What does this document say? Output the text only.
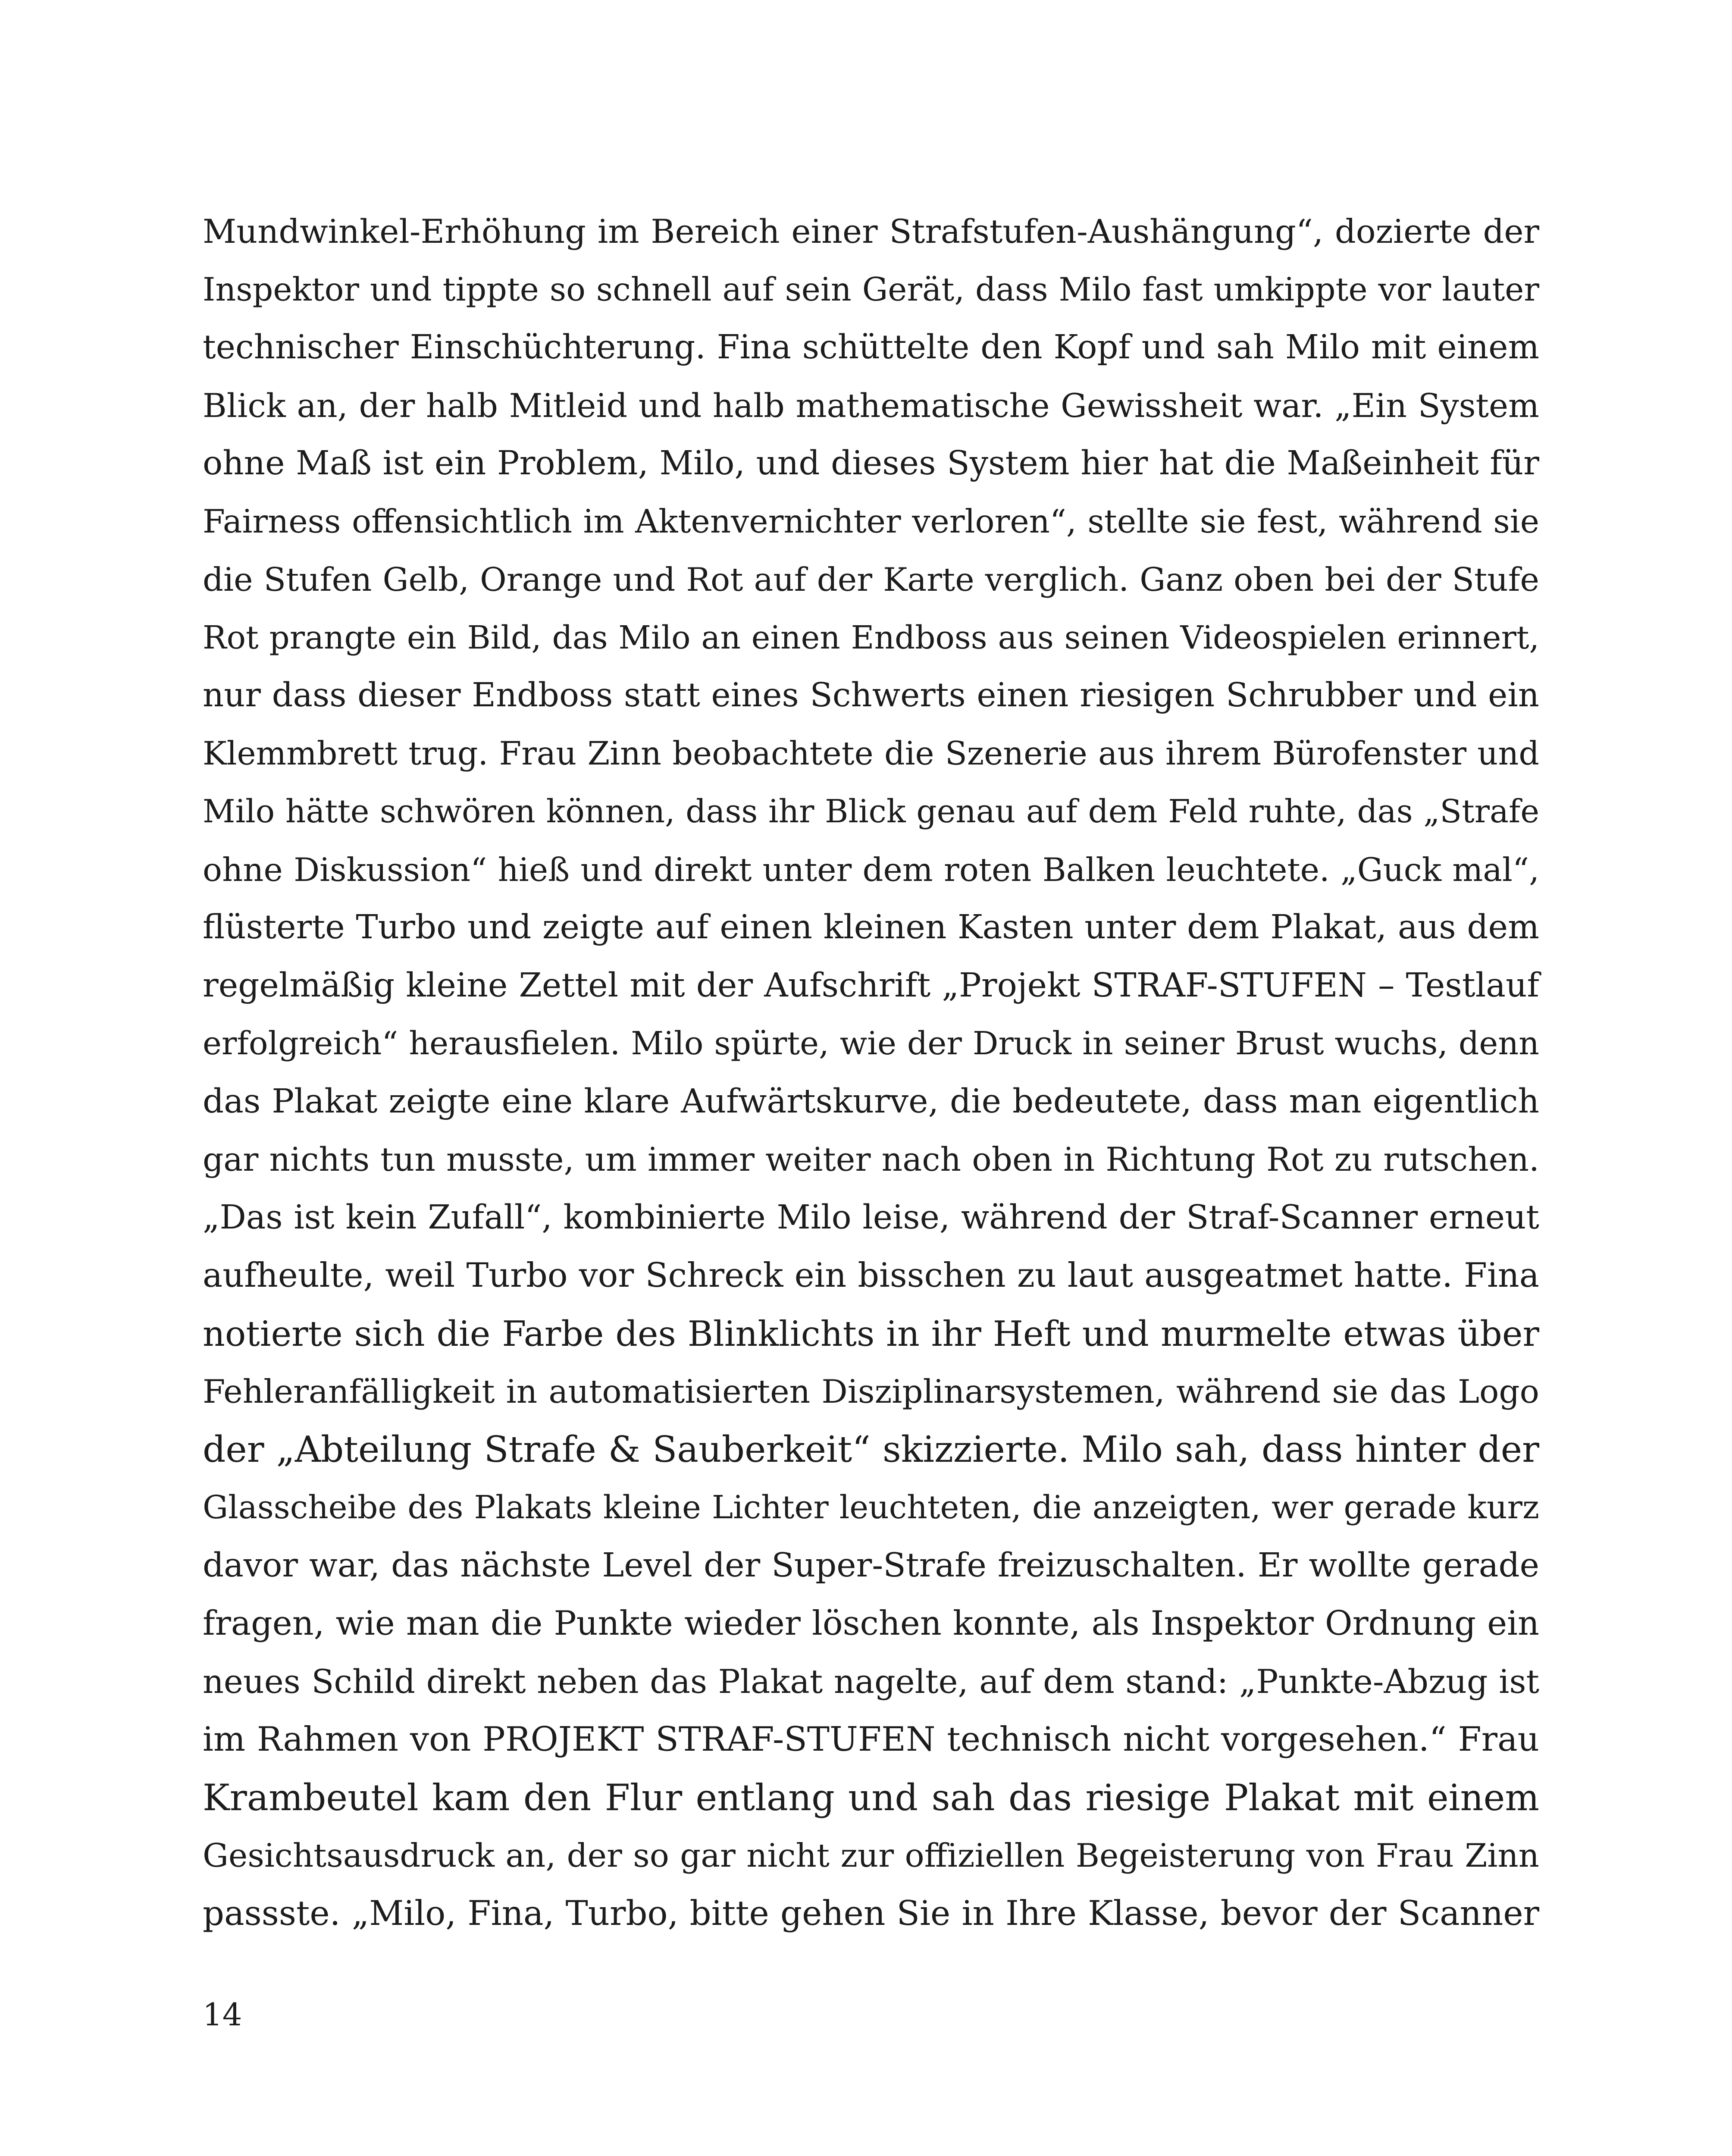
Mundwinkel-Erhöhung im Bereich einer Strafstufen-Aushängung“, dozierte der
Inspektor und tippte so schnell auf sein Gerät, dass Milo fast umkippte vor lauter
technischer Einschüchterung. Fina schüttelte den Kopf und sah Milo mit einem
Blick an, der halb Mitleid und halb mathematische Gewissheit war. „Ein System
ohne Maß ist ein Problem, Milo, und dieses System hier hat die Maßeinheit für
Fairness offensichtlich im Aktenvernichter verloren“, stellte sie fest, während sie
die Stufen Gelb, Orange und Rot auf der Karte verglich. Ganz oben bei der Stufe
Rot prangte ein Bild, das Milo an einen Endboss aus seinen Videospielen erinnert,
nur dass dieser Endboss statt eines Schwerts einen riesigen Schrubber und ein
Klemmbrett trug. Frau Zinn beobachtete die Szenerie aus ihrem Bürofenster und
Milo hätte schwören können, dass ihr Blick genau auf dem Feld ruhte, das „Strafe
ohne Diskussion“ hieß und direkt unter dem roten Balken leuchtete. „Guck mal“,
flüsterte Turbo und zeigte auf einen kleinen Kasten unter dem Plakat, aus dem
regelmäßig kleine Zettel mit der Aufschrift „Projekt STRAF-STUFEN – Testlauf
erfolgreich“ herausfielen. Milo spürte, wie der Druck in seiner Brust wuchs, denn
das Plakat zeigte eine klare Aufwärtskurve, die bedeutete, dass man eigentlich
gar nichts tun musste, um immer weiter nach oben in Richtung Rot zu rutschen.
„Das ist kein Zufall“, kombinierte Milo leise, während der Straf-Scanner erneut
aufheulte, weil Turbo vor Schreck ein bisschen zu laut ausgeatmet hatte. Fina
notierte sich die Farbe des Blinklichts in ihr Heft und murmelte etwas über
Fehleranfälligkeit in automatisierten Disziplinarsystemen, während sie das Logo
der „Abteilung Strafe & Sauberkeit“ skizzierte. Milo sah, dass hinter der
Glasscheibe des Plakats kleine Lichter leuchteten, die anzeigten, wer gerade kurz
davor war, das nächste Level der Super-Strafe freizuschalten. Er wollte gerade
fragen, wie man die Punkte wieder löschen konnte, als Inspektor Ordnung ein
neues Schild direkt neben das Plakat nagelte, auf dem stand: „Punkte-Abzug ist
im Rahmen von PROJEKT STRAF-STUFEN technisch nicht vorgesehen.“ Frau
Krambeutel kam den Flur entlang und sah das riesige Plakat mit einem
Gesichtsausdruck an, der so gar nicht zur offiziellen Begeisterung von Frau Zinn
passste. „Milo, Fina, Turbo, bitte gehen Sie in Ihre Klasse, bevor der Scanner
14
